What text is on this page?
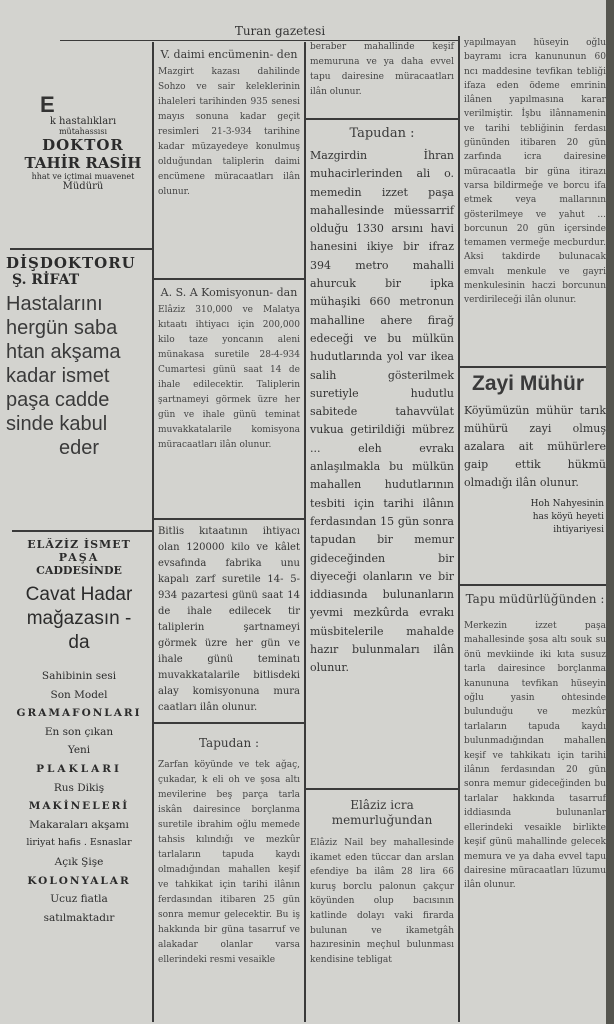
Turan gazetesi
E
k hastalıkları
mütahassısı
DOKTOR
TAHİR RASİH
hhat ve içtimai muavenet
Müdürü
DİŞDOKTORU
Ş. RİFAT
Hastalarını
hergün saba
htan akşama
kadar ismet
paşa cadde
sinde kabul
eder
ELÂZİZ İSMET
PAŞA
CADDESİNDE
Cavat Hadar
mağazasın -
da
Sahibinin sesi
Son Model
GRAMAFONLARI
En son çıkan
Yeni
PLAKLARI
Rus Dikiş
MAKİNELERİ
Makaraları akşamı
liriyat hafis . Esnaslar
Açık Şişe
KOLONYALAR
Ucuz fiatla
satılmaktadır
V. daimi encümenin- den

Mazgirt kazası dahilinde Sohzo ve sair keleklerinin ihaleleri tarihinden 935 senesi mayıs sonuna kadar geçit resimleri 21-3-934 tarihine kadar müzayedeye konulmuş olduğundan taliplerin daimi encümene müracaatları ilân olunur.

A. S. A Komisyonun- dan

Elâziz 310,000 ve Malatya kıtaatı ihtiyacı için 200,000 kilo taze yoncanın aleni münakasa suretile 28-4-934 Cumartesi günü saat 14 de ihale edilecektir. Taliplerin şartnameyi görmek üzre her gün ve ihale günü teminat muvakkatalarile komisyona müracaatları ilân olunur.

Bitlis kıtaatının ihtiyacı olan 120000 kilo ve kâlet evsafında fabrika unu kapalı zarf suretile 14- 5- 934 pazartesi günü saat 14 de ihale edilecek tir taliplerin şartnameyi görmek üzre her gün ve ihale günü teminatı muvakkatalarile bitlisdeki alay komisyonuna mura caatları ilân olunur.

Tapudan :

Zarfan köyünde ve tek ağaç, çukadar, k eli oh ve şosa altı mevilerine beş parça tarla iskân dairesince borçlanma suretile ibrahim oğlu memede tahsis kılındığı ve mezkûr tarlaların tapuda kaydı olmadığından mahallen keşif ve tahkikat için tarihi ilânın ferdasından itibaren 25 gün sonra memur gelecektir. Bu iş hakkında bir güna tasarruf ve alakadar olanlar varsa ellerindeki resmi vesaikle

beraber mahallinde keşif memuruna ve ya daha evvel tapu dairesine müracaatları ilân olunur.

Tapudan :

Mazgirdin İhran muhacirlerinden ali o. memedin izzet paşa mahallesinde müessarrif olduğu 1330 arsını havi hanesini ikiye bir ifraz 394 metro mahalli ahurcuk bir ipka mühaşiki 660 metronun mahalline ahere firağ edeceği ve bu mülkün hudutlarında yol var ikea salih gösterilmek suretiyle hudutlu sabitede tahavvülat vukua getirildiği mübrez ... eleh evrakı anlaşılmakla bu mülkün mahallen hudutlarının tesbiti için tarihi ilânın ferdasından 15 gün sonra tapudan bir memur gideceğinden bir diyeceği olanların ve bir iddiasında bulunanların yevmi mezkûrda evrakı müsbitelerile mahalde hazır bulunmaları ilân olunur.

Elâziz icra memurluğundan

Elâziz Nail bey mahallesinde ikamet eden tüccar dan arslan efendiye ba ilâm 28 lira 66 kuruş borclu palonun çakçur köyünden olup bacısının katlinde dolayı vaki firarda bulunan ve ikametgâh hazıresinin meçhul bulunması kendisine tebligat

yapılmayan hüseyin oğlu bayramı icra kanununun 60 ncı maddesine tevfikan tebliği ifaza eden ödeme emrinin ilânen yapılmasına karar verilmiştir. İşbu ilânnamenin ve tarihi tebliğinin ferdası gününden itibaren 20 gün zarfında icra dairesine müracaatla bir güna itirazı varsa bildirmeğe ve borcu ifa etmek veya mallarının gösterilmeye ve yahut ... borcunun 20 gün içersinde temamen vermeğe mecburdur. Aksi takdirde bulunacak emvalı menkule ve gayri menkulesinin haczi borcunun verdirileceği ilân olunur.

Zayi Mühür

Köyümüzün mühür tarık mühürü zayi olmuş azalara ait mühürlere gaip ettik hükmü olmadığı ilân olunur.

Hoh Nahyesinin
has köyü heyeti
ihtiyariyesi
Tapu müdürlüğünden :

Merkezin izzet paşa mahallesinde şosa altı souk su önü mevkiinde iki kıta susuz tarla dairesince borçlanma kanununa tevfikan hüseyin oğlu yasin ohtesinde bulunduğu ve mezkûr tarlaların tapuda kaydı bulunmadığından mahallen keşif ve tahkikatı için tarihi ilânın ferdasından 20 gün sonra memur gideceğinden bu tarlalar hakkında tasarruf iddiasında bulunanlar ellerindeki vesaikle birlikte keşif günü mahallinde gelecek memura ve ya daha evvel tapu dairesine müracaatları lüzumu ilân olunur.
